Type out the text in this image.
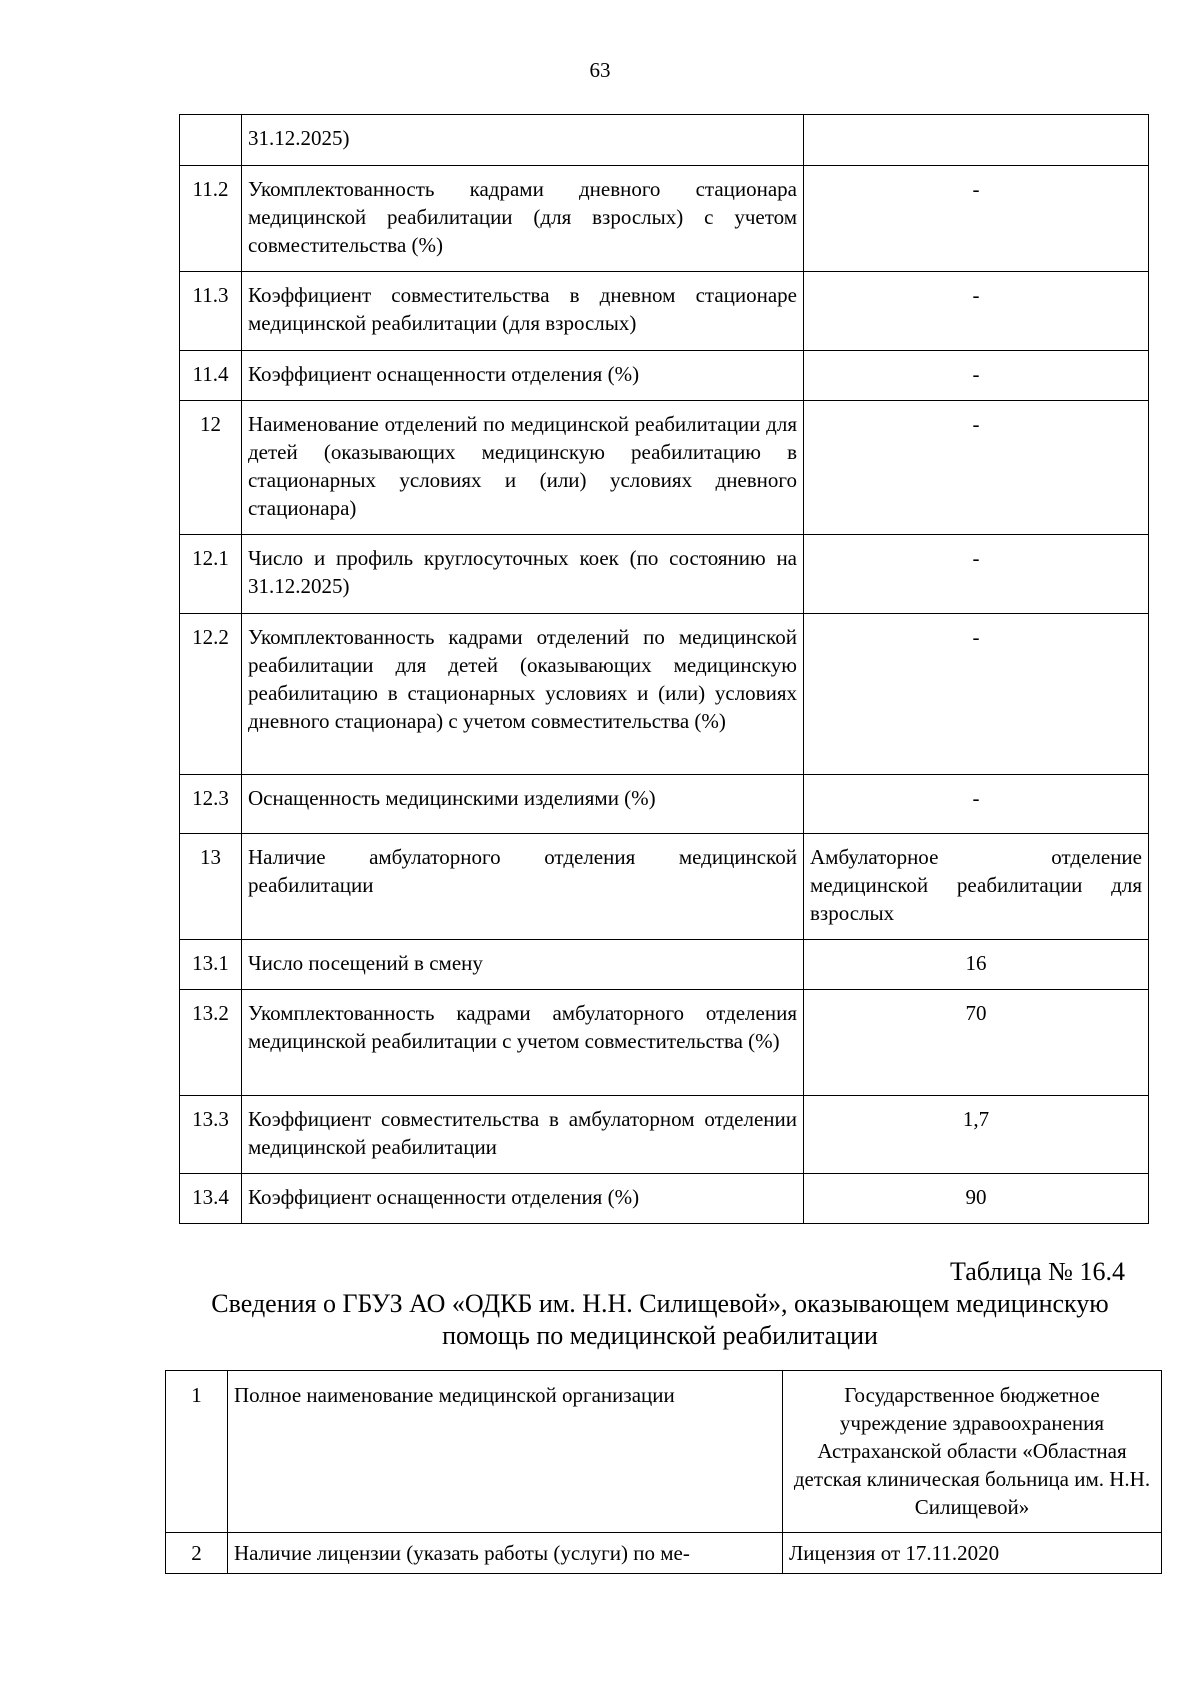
63
	31.12.2025)	
11.2	Укомплектованность кадрами дневного стационара медицинской реабилитации (для взрослых) с учетом совместительства (%)	-
11.3	Коэффициент совместительства в дневном стационаре медицинской реабилитации (для взрослых)	-
11.4	Коэффициент оснащенности отделения (%)	-
12	Наименование отделений по медицинской реабилитации для детей (оказывающих медицинскую реабилитацию в стационарных условиях и (или) условиях дневного стационара)	-
12.1	Число и профиль круглосуточных коек (по состоянию на 31.12.2025)	-
12.2	Укомплектованность кадрами отделений по медицинской реабилитации для детей (оказывающих медицинскую реабилитацию в стационарных условиях и (или) условиях дневного стационара) с учетом совместительства (%)	-
12.3	Оснащенность медицинскими изделиями (%)	-
13	Наличие амбулаторного отделения медицинской реабилитации	Амбулаторное отделение медицинской реабилитации для взрослых
13.1	Число посещений в смену	16
13.2	Укомплектованность кадрами амбулаторного отделения медицинской реабилитации с учетом совместительства (%)	70
13.3	Коэффициент совместительства в амбулаторном отделении медицинской реабилитации	1,7
13.4	Коэффициент оснащенности отделения (%)	90
Таблица № 16.4
Сведения о ГБУЗ АО «ОДКБ им. Н.Н. Силищевой», оказывающем медицинскую помощь по медицинской реабилитации
1	Полное наименование медицинской организации	Государственное бюджетное учреждение здравоохранения Астраханской области «Областная детская клиническая больница им. Н.Н. Силищевой»
2	Наличие лицензии (указать работы (услуги) по ме-	Лицензия от 17.11.2020
